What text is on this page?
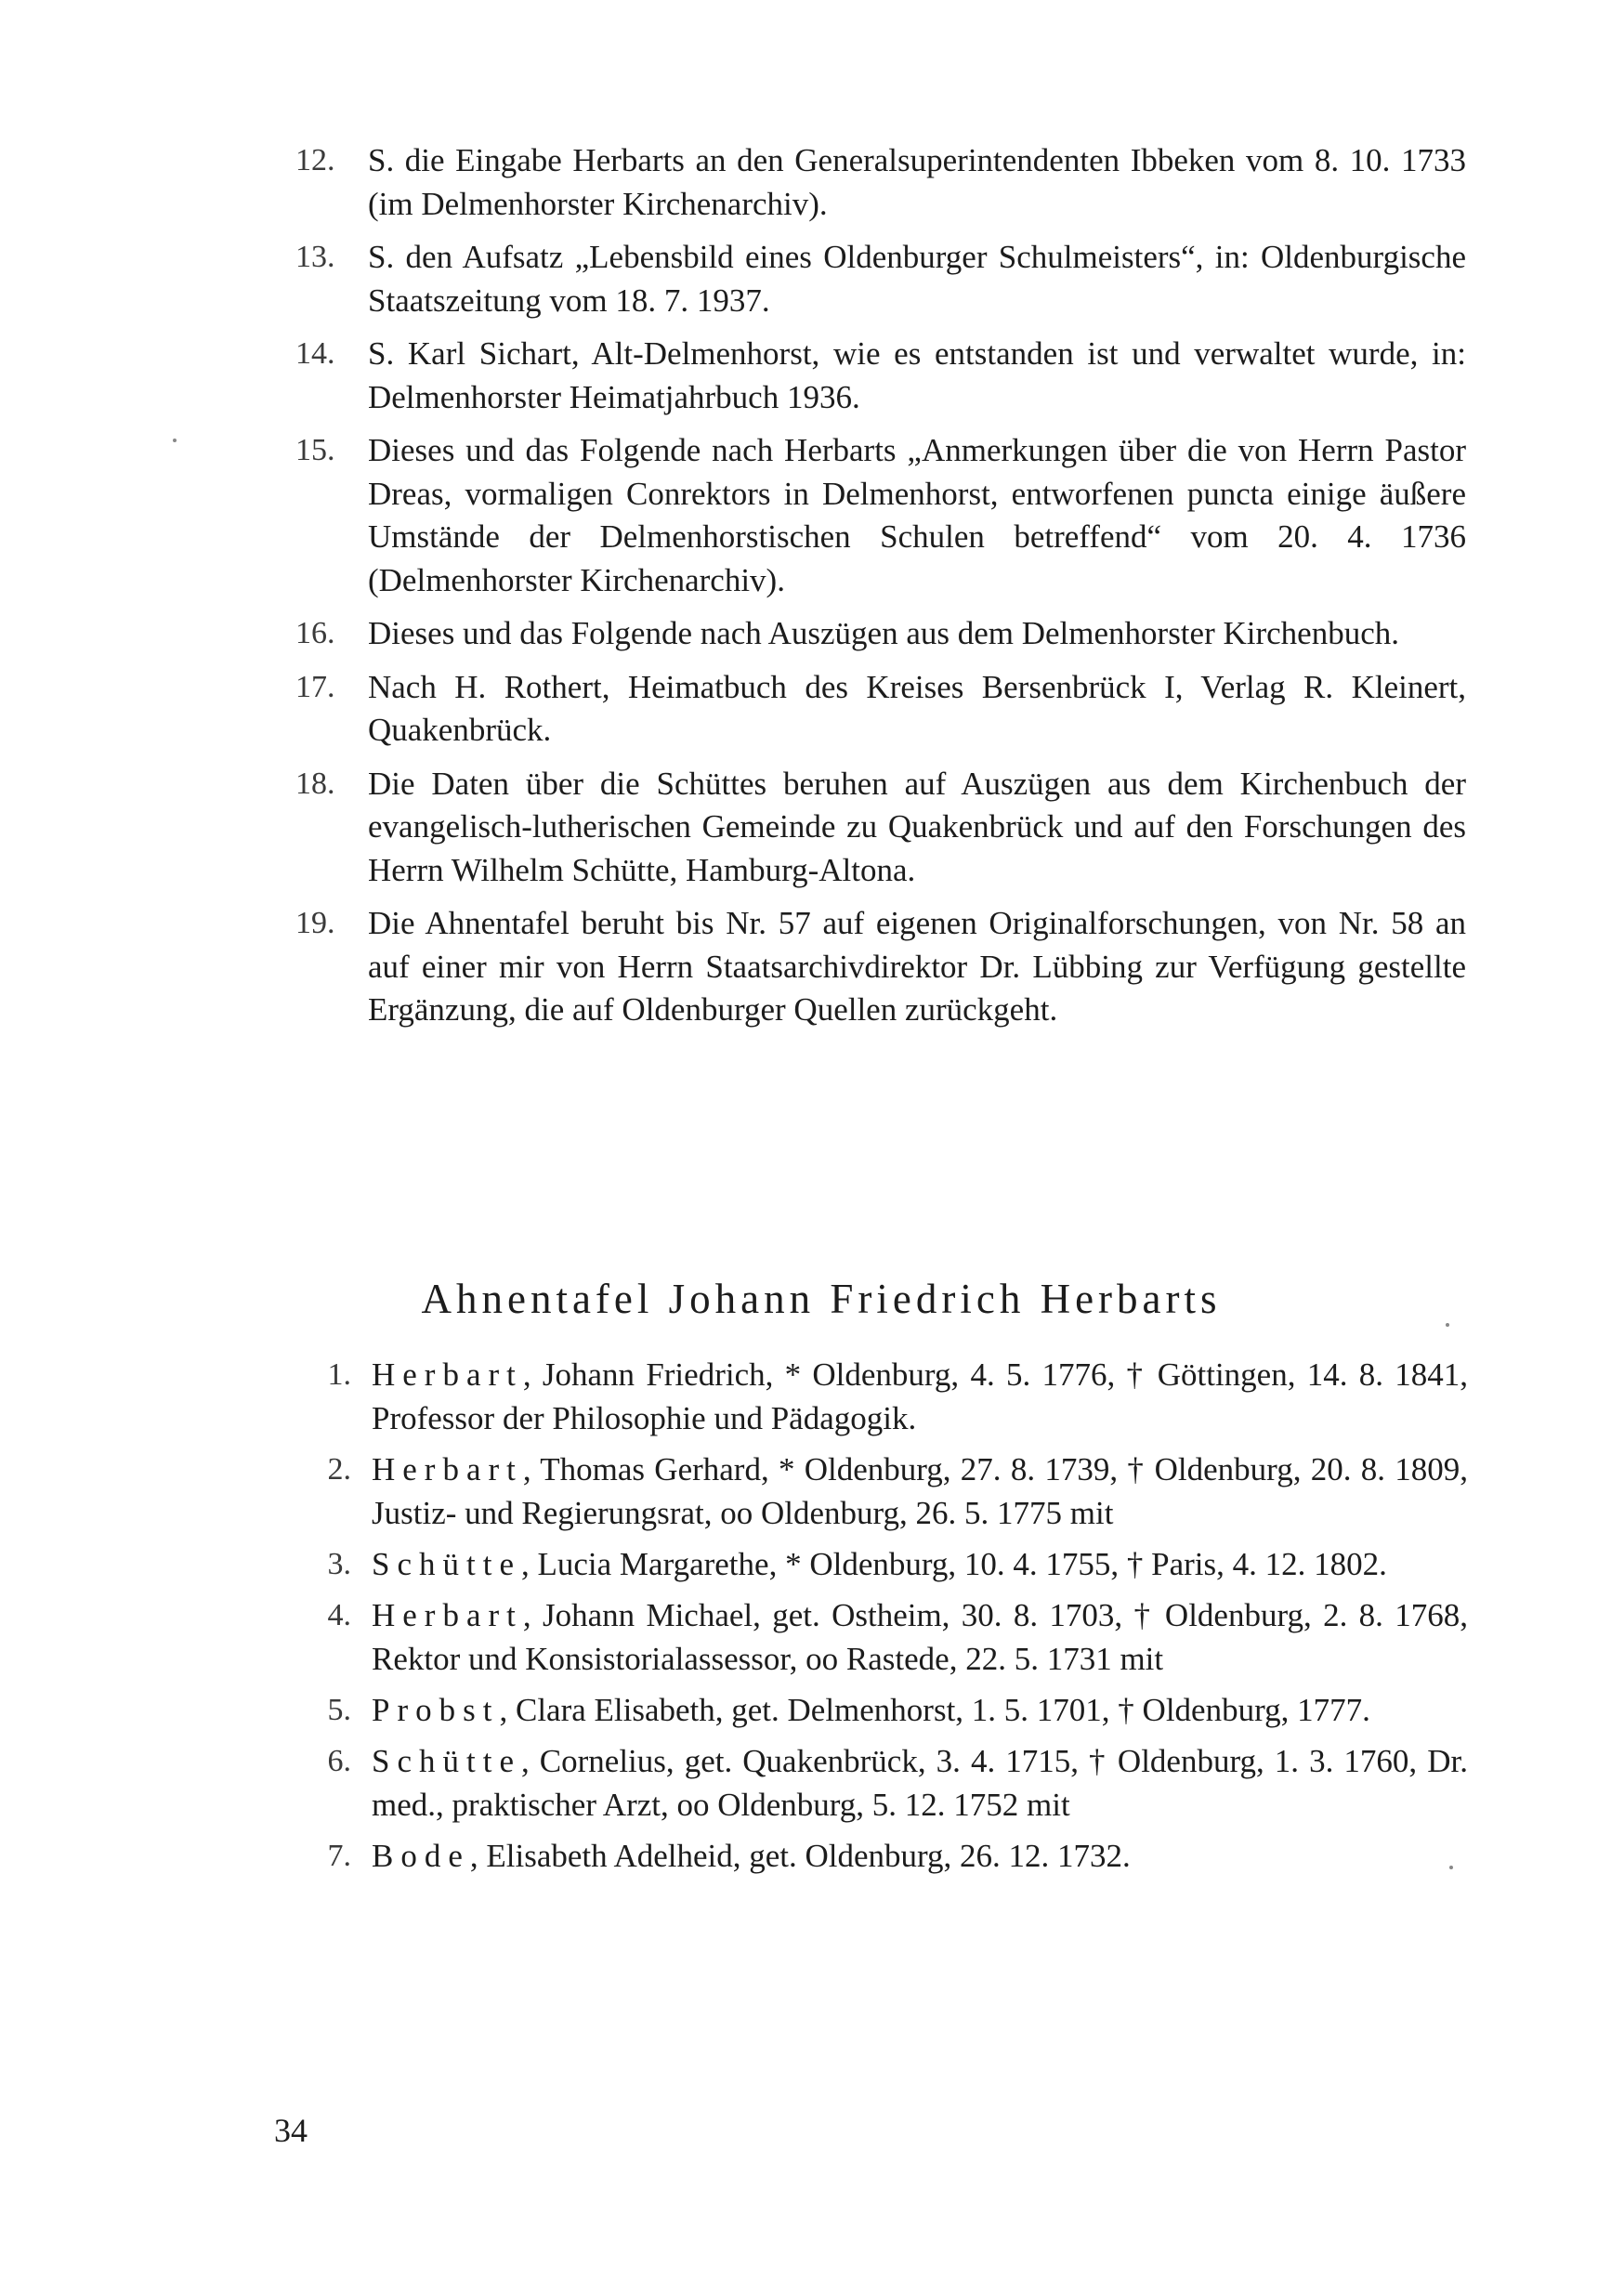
12.	S. die Eingabe Herbarts an den Generalsuperintendenten Ibbeken vom 8. 10. 1733 (im Delmenhorster Kirchenarchiv).
13.	S. den Aufsatz „Lebensbild eines Oldenburger Schulmeisters“, in: Oldenburgische Staatszeitung vom 18. 7. 1937.
14.	S. Karl Sichart, Alt-Delmenhorst, wie es entstanden ist und verwaltet wurde, in: Delmenhorster Heimatjahrbuch 1936.
15.	Dieses und das Folgende nach Herbarts „Anmerkungen über die von Herrn Pastor Dreas, vormaligen Conrektors in Delmenhorst, entworfenen puncta einige äußere Umstände der Delmenhorstischen Schulen betreffend“ vom 20. 4. 1736 (Delmenhorster Kirchenarchiv).
16.	Dieses und das Folgende nach Auszügen aus dem Delmenhorster Kirchenbuch.
17.	Nach H. Rothert, Heimatbuch des Kreises Bersenbrück I, Verlag R. Kleinert, Quakenbrück.
18.	Die Daten über die Schüttes beruhen auf Auszügen aus dem Kirchenbuch der evangelisch-lutherischen Gemeinde zu Quakenbrück und auf den Forschungen des Herrn Wilhelm Schütte, Hamburg-Altona.
19.	Die Ahnentafel beruht bis Nr. 57 auf eigenen Originalforschungen, von Nr. 58 an auf einer mir von Herrn Staatsarchivdirektor Dr. Lübbing zur Verfügung gestellte Ergänzung, die auf Oldenburger Quellen zurückgeht.
Ahnentafel Johann Friedrich Herbarts
1. Herbart, Johann Friedrich, * Oldenburg, 4. 5. 1776, † Göttingen, 14. 8. 1841, Professor der Philosophie und Pädagogik.
2. Herbart, Thomas Gerhard, * Oldenburg, 27. 8. 1739, † Oldenburg, 20. 8. 1809, Justiz- und Regierungsrat, oo Oldenburg, 26. 5. 1775 mit
3. Schütte, Lucia Margarethe, * Oldenburg, 10. 4. 1755, † Paris, 4. 12. 1802.
4. Herbart, Johann Michael, get. Ostheim, 30. 8. 1703, † Oldenburg, 2. 8. 1768, Rektor und Konsistorialassessor, oo Rastede, 22. 5. 1731 mit
5. Probst, Clara Elisabeth, get. Delmenhorst, 1. 5. 1701, † Oldenburg, 1777.
6. Schütte, Cornelius, get. Quakenbrück, 3. 4. 1715, † Oldenburg, 1. 3. 1760, Dr. med., praktischer Arzt, oo Oldenburg, 5. 12. 1752 mit
7. Bode, Elisabeth Adelheid, get. Oldenburg, 26. 12. 1732.
34
